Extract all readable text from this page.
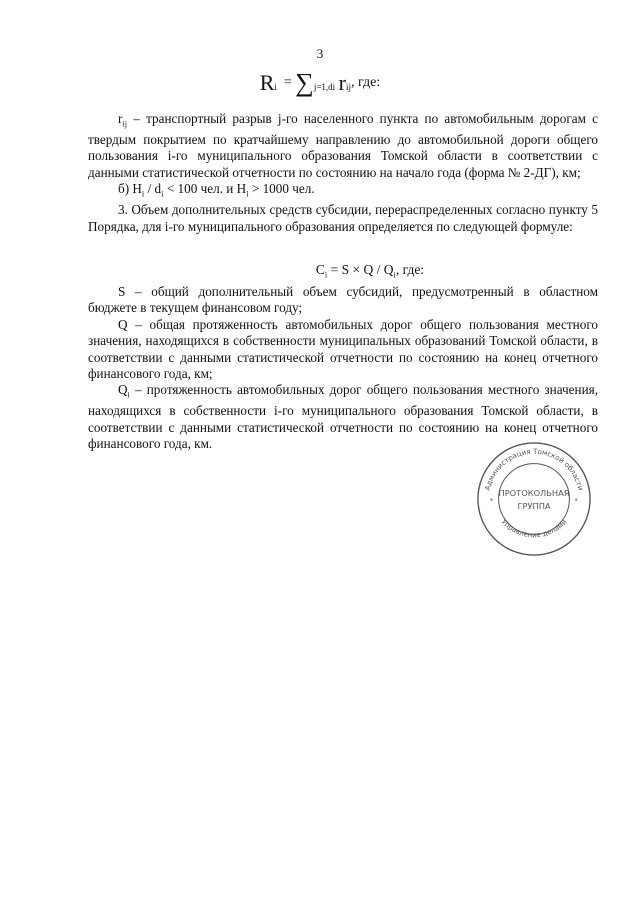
3
$R_i = \sum_{j=1,di}$ $r_{ij}$, где:

$r_{ij}$ – транспортный разрыв j-го населенного пункта по автомобильным дорогам с твердым покрытием по кратчайшему направлению до автомобильной дороги общего пользования i-го муниципального образования Томской области в соответствии с данными статистической отчетности по состоянию на начало года (форма № 2-ДГ), км;

б) $H_i / d_i < 100$ чел. и $H_i > 1000$ чел.

3. Объем дополнительных средств субсидии, перераспределенных согласно пункту 5 Порядка, для i-го муниципального образования определяется по следующей формуле:

$C_i = S \times Q / Q_i$, где:

S – общий дополнительный объем субсидий, предусмотренный в областном бюджете в текущем финансовом году;

Q – общая протяженность автомобильных дорог общего пользования местного значения, находящихся в собственности муниципальных образований Томской области, в соответствии с данными статистической отчетности по состоянию на конец отчетного финансового года, км;

$Q_i$ – протяженность автомобильных дорог общего пользования местного значения, находящихся в собственности i-го муниципального образования Томской области, в соответствии с данными статистической отчетности по состоянию на конец отчетного финансового года, км.

Администрация Томской области
Управление делами
ПРОТОКОЛЬНАЯ
ГРУППА
*	*
